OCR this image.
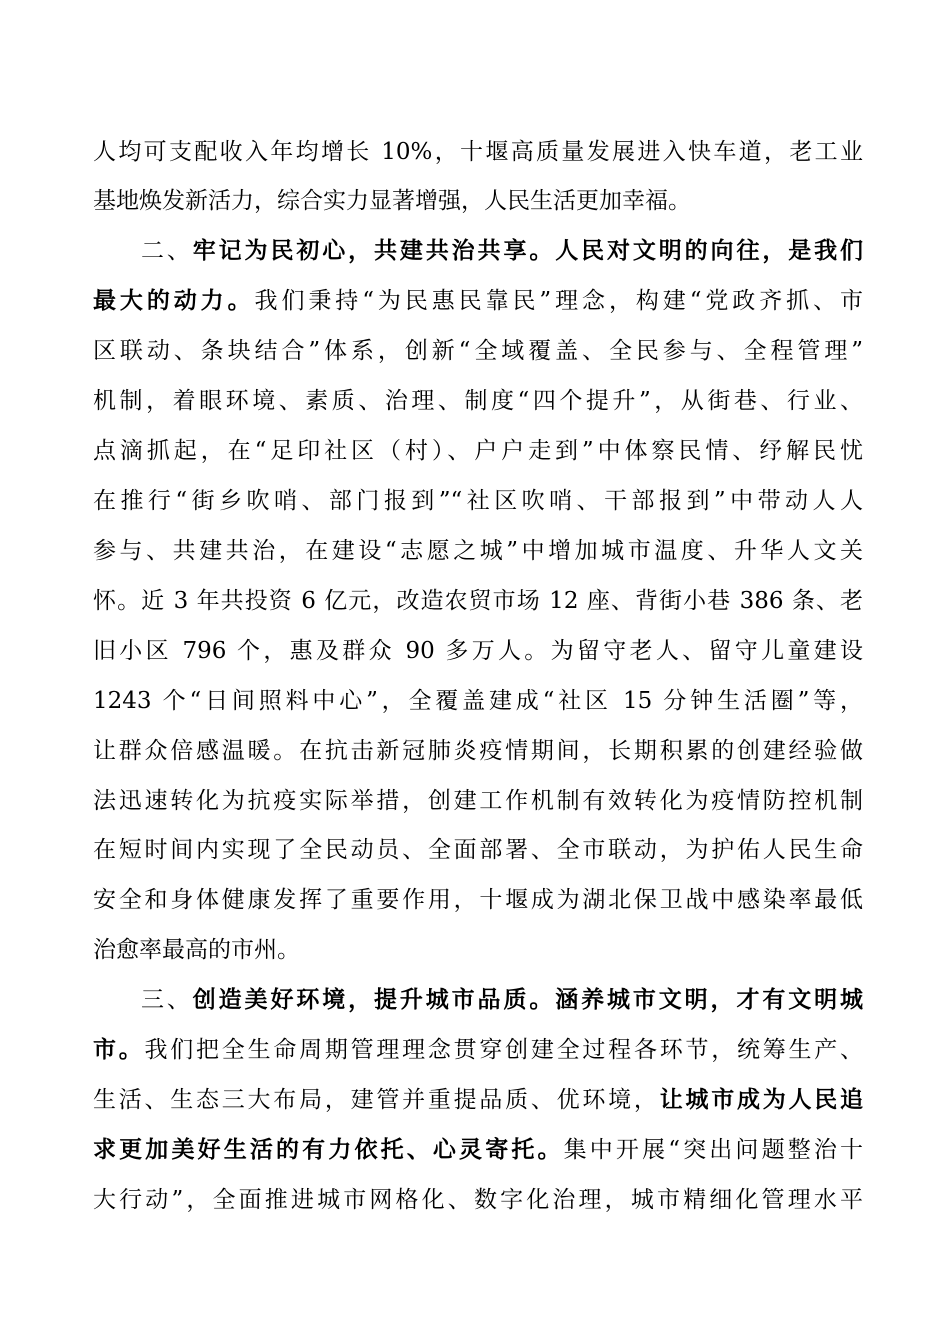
人均可支配收入年均增长 10%，十堰高质量发展进入快车道，老工业
基地焕发新活力，综合实力显著增强，人民生活更加幸福。
二、牢记为民初心，共建共治共享。人民对文明的向往，是我们
最大的动力。我们秉持“为民惠民靠民”理念，构建“党政齐抓、市
区联动、条块结合”体系，创新“全域覆盖、全民参与、全程管理”
机制，着眼环境、素质、治理、制度“四个提升”，从街巷、行业、
点滴抓起，在“足印社区（村）、户户走到”中体察民情、纾解民忧
在推行“街乡吹哨、部门报到”“社区吹哨、干部报到”中带动人人
参与、共建共治，在建设“志愿之城”中增加城市温度、升华人文关
怀。近 3 年共投资 6 亿元，改造农贸市场 12 座、背街小巷 386 条、老
旧小区 796 个，惠及群众 90 多万人。为留守老人、留守儿童建设
1243 个“日间照料中心”，全覆盖建成“社区 15 分钟生活圈”等，
让群众倍感温暖。在抗击新冠肺炎疫情期间，长期积累的创建经验做
法迅速转化为抗疫实际举措，创建工作机制有效转化为疫情防控机制
在短时间内实现了全民动员、全面部署、全市联动，为护佑人民生命
安全和身体健康发挥了重要作用，十堰成为湖北保卫战中感染率最低
治愈率最高的市州。
三、创造美好环境，提升城市品质。涵养城市文明，才有文明城
市。我们把全生命周期管理理念贯穿创建全过程各环节，统筹生产、
生活、生态三大布局，建管并重提品质、优环境，让城市成为人民追
求更加美好生活的有力依托、心灵寄托。集中开展“突出问题整治十
大行动”，全面推进城市网格化、数字化治理，城市精细化管理水平
